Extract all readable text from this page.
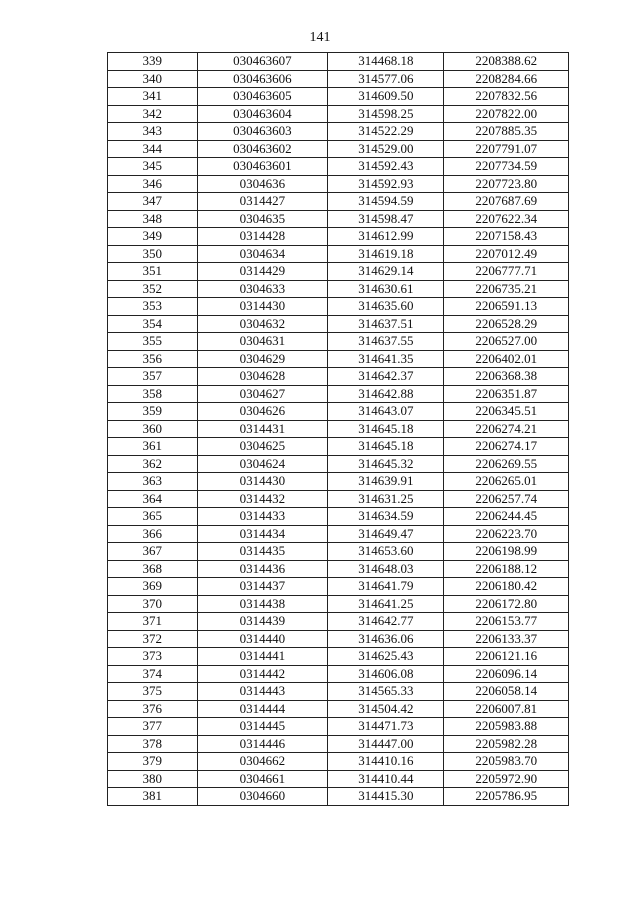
141
339	030463607	314468.18	2208388.62
340	030463606	314577.06	2208284.66
341	030463605	314609.50	2207832.56
342	030463604	314598.25	2207822.00
343	030463603	314522.29	2207885.35
344	030463602	314529.00	2207791.07
345	030463601	314592.43	2207734.59
346	0304636	314592.93	2207723.80
347	0314427	314594.59	2207687.69
348	0304635	314598.47	2207622.34
349	0314428	314612.99	2207158.43
350	0304634	314619.18	2207012.49
351	0314429	314629.14	2206777.71
352	0304633	314630.61	2206735.21
353	0314430	314635.60	2206591.13
354	0304632	314637.51	2206528.29
355	0304631	314637.55	2206527.00
356	0304629	314641.35	2206402.01
357	0304628	314642.37	2206368.38
358	0304627	314642.88	2206351.87
359	0304626	314643.07	2206345.51
360	0314431	314645.18	2206274.21
361	0304625	314645.18	2206274.17
362	0304624	314645.32	2206269.55
363	0314430	314639.91	2206265.01
364	0314432	314631.25	2206257.74
365	0314433	314634.59	2206244.45
366	0314434	314649.47	2206223.70
367	0314435	314653.60	2206198.99
368	0314436	314648.03	2206188.12
369	0314437	314641.79	2206180.42
370	0314438	314641.25	2206172.80
371	0314439	314642.77	2206153.77
372	0314440	314636.06	2206133.37
373	0314441	314625.43	2206121.16
374	0314442	314606.08	2206096.14
375	0314443	314565.33	2206058.14
376	0314444	314504.42	2206007.81
377	0314445	314471.73	2205983.88
378	0314446	314447.00	2205982.28
379	0304662	314410.16	2205983.70
380	0304661	314410.44	2205972.90
381	0304660	314415.30	2205786.95
